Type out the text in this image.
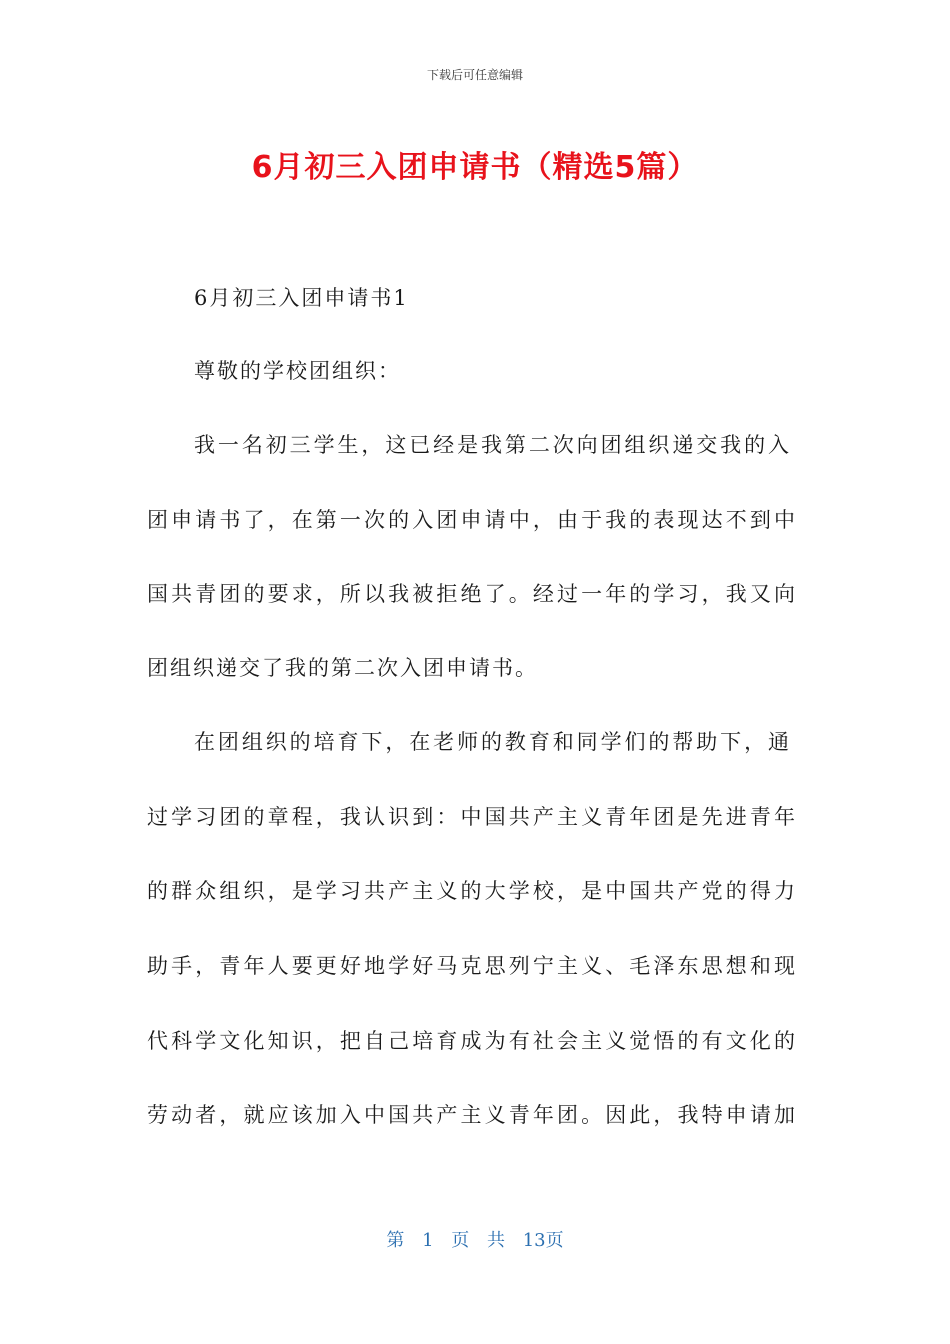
下载后可任意编辑
6月初三入团申请书（精选5篇）
6月初三入团申请书1
尊敬的学校团组织：
我一名初三学生，这已经是我第二次向团组织递交我的入
团申请书了，在第一次的入团申请中，由于我的表现达不到中
国共青团的要求，所以我被拒绝了。经过一年的学习，我又向
团组织递交了我的第二次入团申请书。
在团组织的培育下，在老师的教育和同学们的帮助下，通
过学习团的章程，我认识到：中国共产主义青年团是先进青年
的群众组织，是学习共产主义的大学校，是中国共产党的得力
助手，青年人要更好地学好马克思列宁主义、毛泽东思想和现
代科学文化知识，把自己培育成为有社会主义觉悟的有文化的
劳动者，就应该加入中国共产主义青年团。因此，我特申请加
第 1 页 共 13页
